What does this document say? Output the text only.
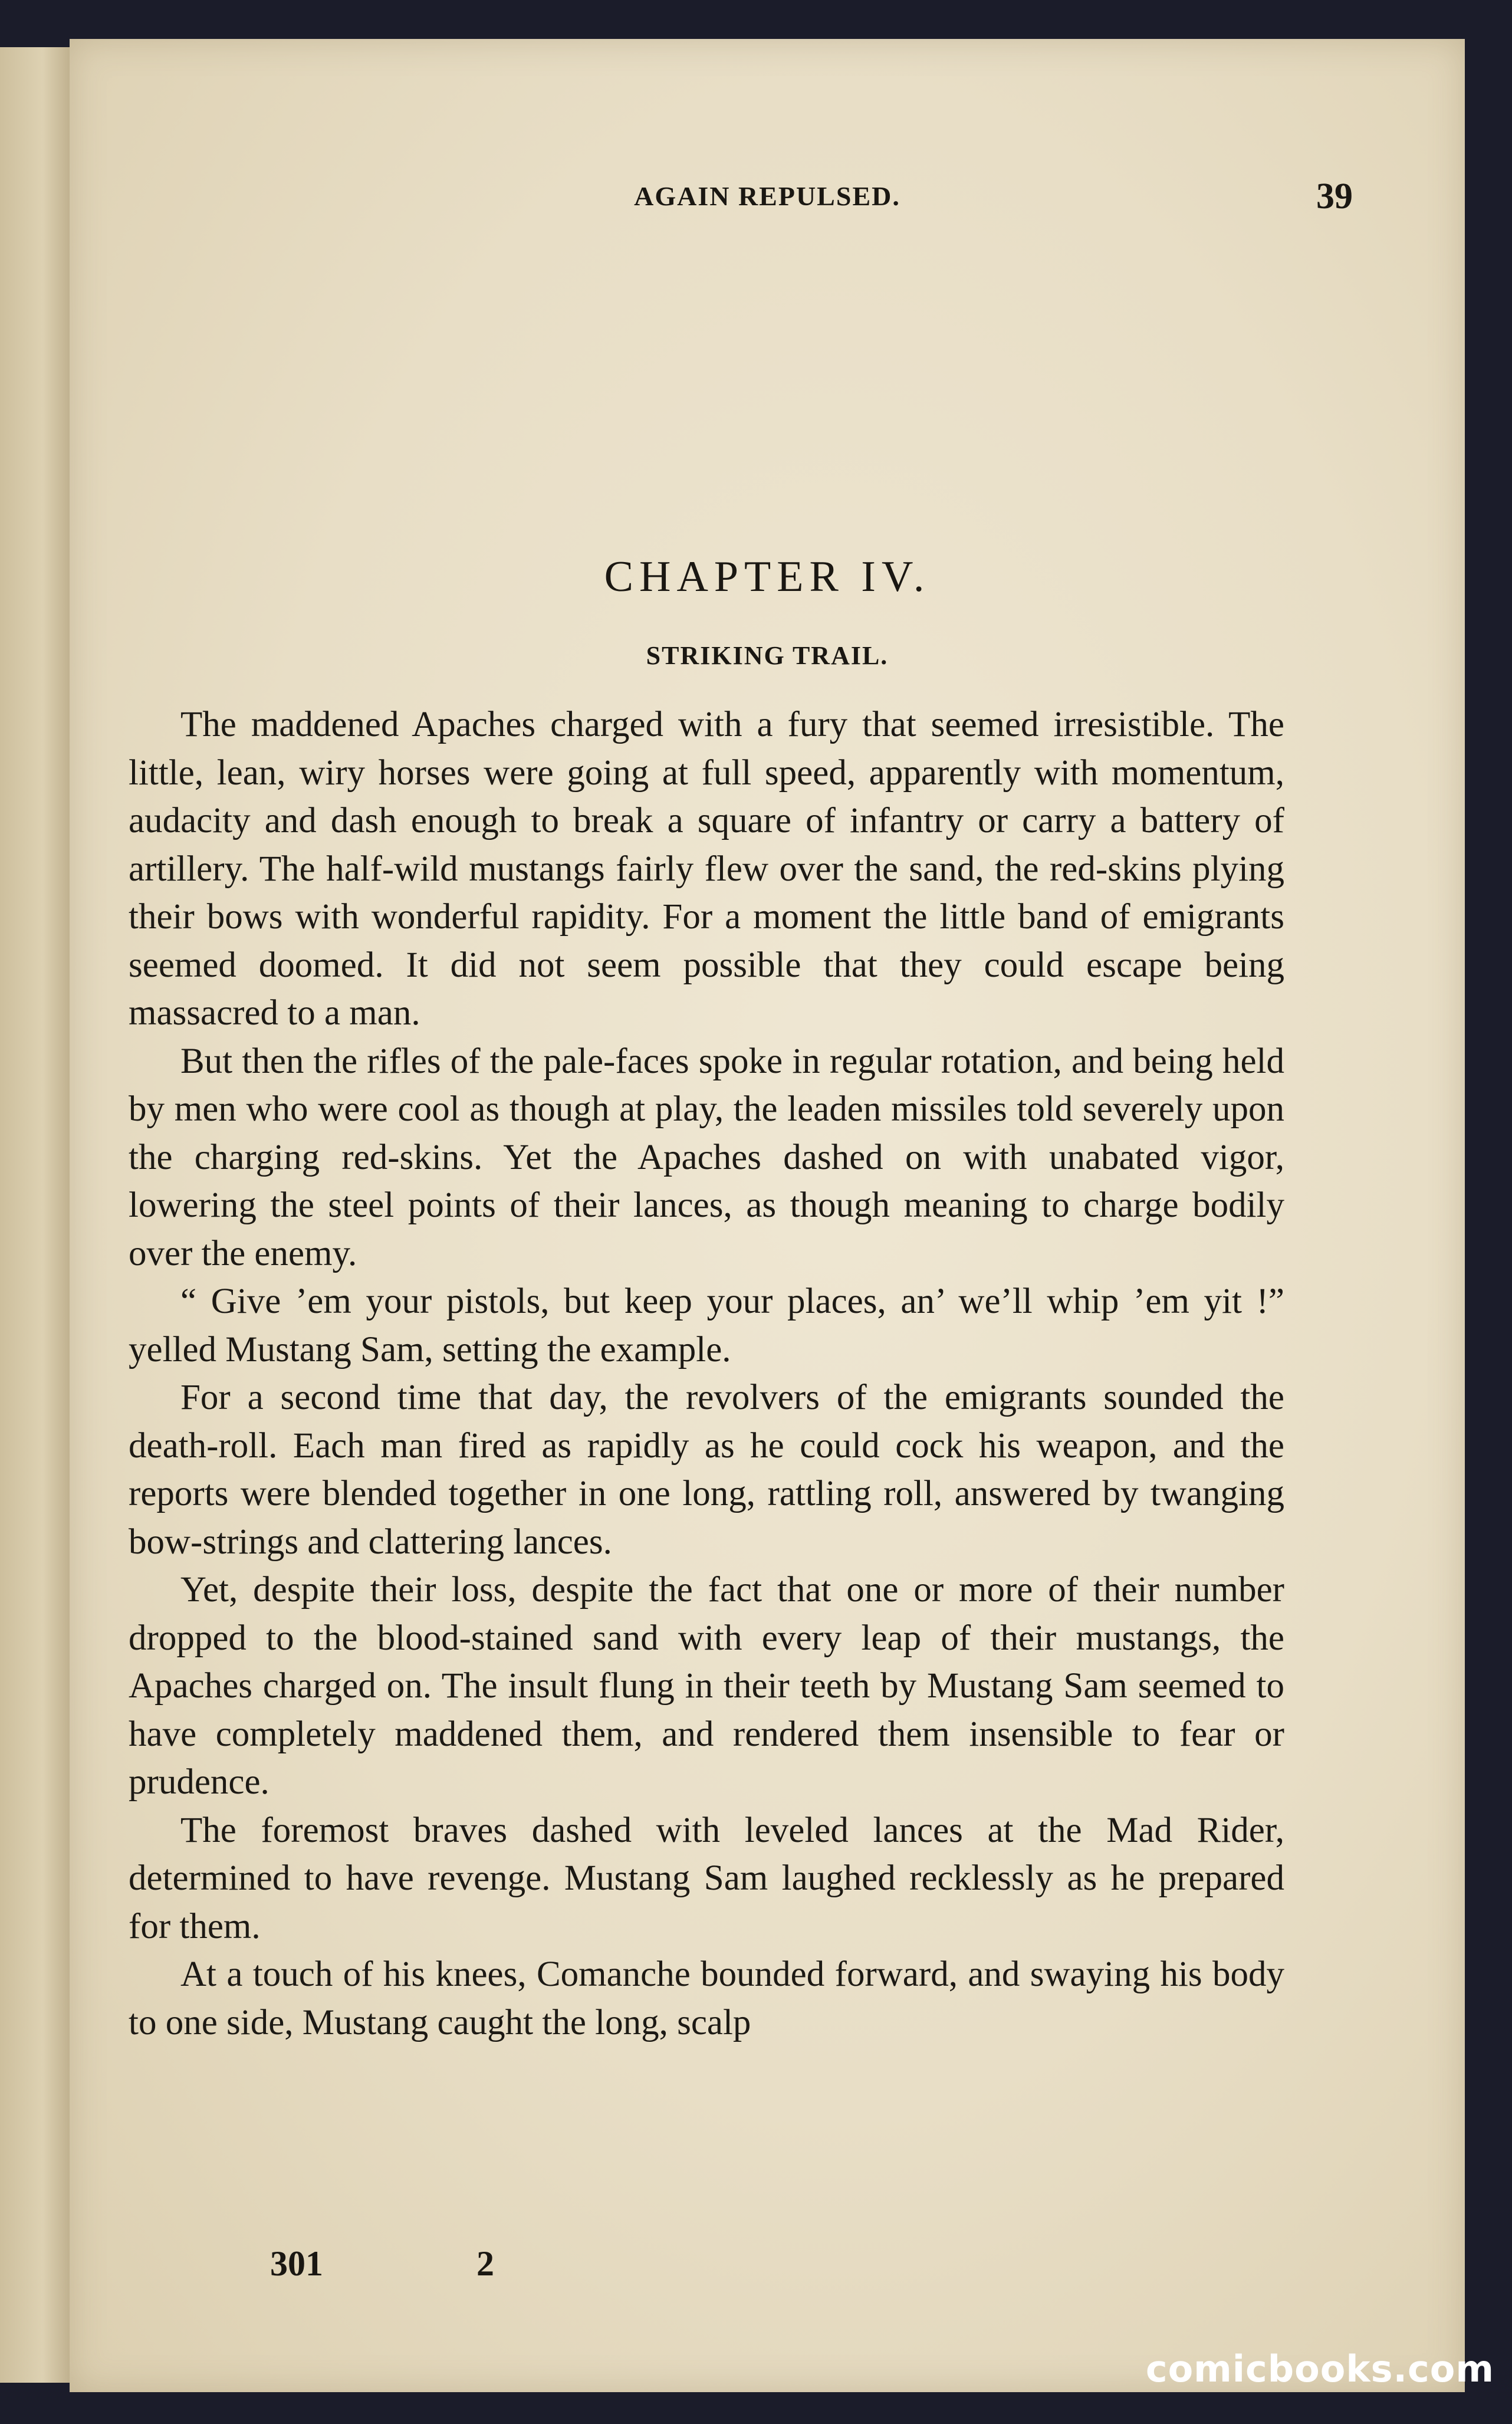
AGAIN REPULSED.	39
CHAPTER IV.
STRIKING TRAIL.

The maddened Apaches charged with a fury that seemed irresistible. The little, lean, wiry horses were going at full speed, apparently with momentum, audacity and dash enough to break a square of infantry or carry a battery of artillery. The half-wild mustangs fairly flew over the sand, the red-skins plying their bows with wonderful rapidity. For a moment the little band of emigrants seemed doomed. It did not seem possible that they could escape being massacred to a man.

But then the rifles of the pale-faces spoke in regular rotation, and being held by men who were cool as though at play, the leaden missiles told severely upon the charging red-skins. Yet the Apaches dashed on with unabated vigor, lowering the steel points of their lances, as though meaning to charge bodily over the enemy.

“ Give ’em your pistols, but keep your places, an’ we’ll whip ’em yit !” yelled Mustang Sam, setting the example.

For a second time that day, the revolvers of the emigrants sounded the death-roll. Each man fired as rapidly as he could cock his weapon, and the reports were blended together in one long, rattling roll, answered by twanging bow-strings and clattering lances.

Yet, despite their loss, despite the fact that one or more of their number dropped to the blood-stained sand with every leap of their mustangs, the Apaches charged on. The insult flung in their teeth by Mustang Sam seemed to have completely maddened them, and rendered them insensible to fear or prudence.

The foremost braves dashed with leveled lances at the Mad Rider, determined to have revenge. Mustang Sam laughed recklessly as he prepared for them.

At a touch of his knees, Comanche bounded forward, and swaying his body to one side, Mustang caught the long, scalp

301	2
comicbooks.com
